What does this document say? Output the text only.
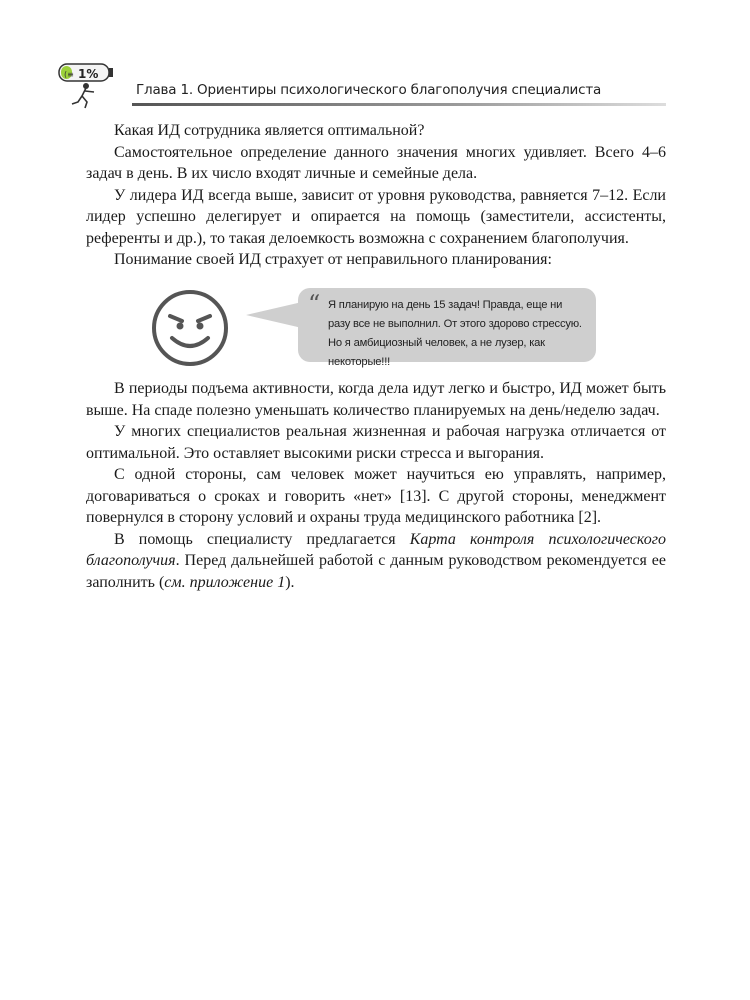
(≡ 1%
Глава 1. Ориентиры психологического благополучия специалиста

Какая ИД сотрудника является оптимальной?

Самостоятельное определение данного значения многих удивляет. Всего 4–6 задач в день. В их число входят личные и семейные дела.

У лидера ИД всегда выше, зависит от уровня руководства, равняется 7–12. Если лидер успешно делегирует и опирается на помощь (заместители, ассистенты, референты и др.), то такая делоемкость возможна с сохранением благополучия.

Понимание своей ИД страхует от неправильного планирования:

“ Я планирую на день 15 задач! Правда, еще ни разу все не выполнил. От этого здорово стрессую. Но я амбициозный человек, а не лузер, как некоторые!!!

В периоды подъема активности, когда дела идут легко и быстро, ИД может быть выше. На спаде полезно уменьшать количество планируемых на день/неделю задач.

У многих специалистов реальная жизненная и рабочая нагрузка отличается от оптимальной. Это оставляет высокими риски стресса и выгорания.

С одной стороны, сам человек может научиться ею управлять, например, договариваться о сроках и говорить «нет» [13]. С другой стороны, менеджмент повернулся в сторону условий и охраны труда медицинского работника [2].

В помощь специалисту предлагается Карта контроля психологического благополучия. Перед дальнейшей работой с данным руководством рекомендуется ее заполнить (см. приложение 1).
